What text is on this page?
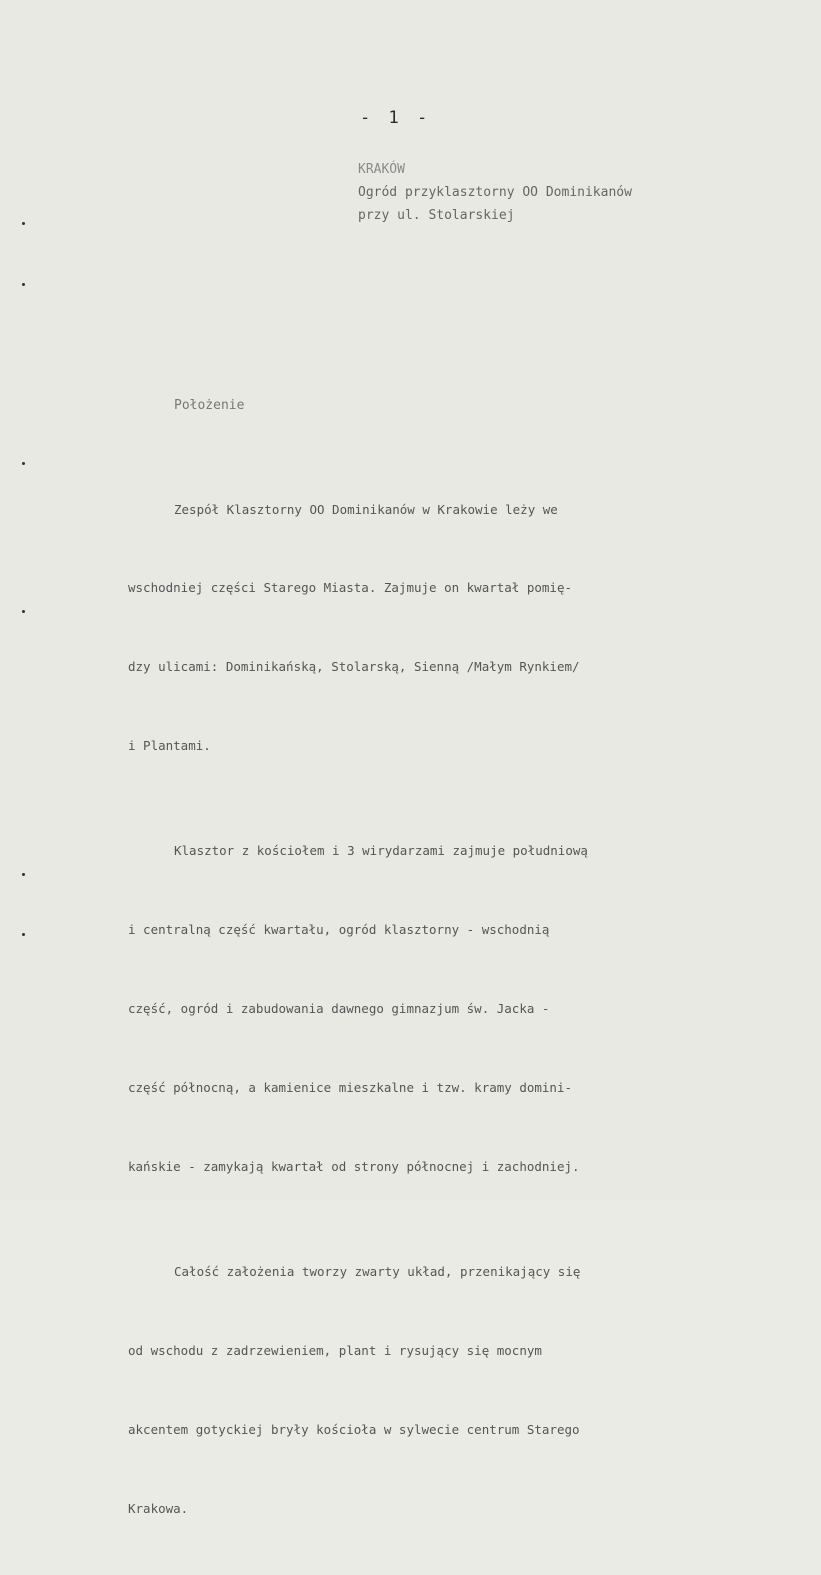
- 1 -
KRAKÓW
Ogród przyklasztorny OO Dominikanów
przy ul. Stolarskiej
Położenie

Zespół Klasztorny OO Dominikanów w Krakowie leży we

wschodniej części Starego Miasta. Zajmuje on kwartał pomię-

dzy ulicami: Dominikańską, Stolarską, Sienną /Małym Rynkiem/

i Plantami.

Klasztor z kościołem i 3 wirydarzami zajmuje południową

i centralną część kwartału, ogród klasztorny - wschodnią

część, ogród i zabudowania dawnego gimnazjum św. Jacka -

część północną, a kamienice mieszkalne i tzw. kramy domini-

kańskie - zamykają kwartał od strony północnej i zachodniej.

Całość założenia tworzy zwarty układ, przenikający się

od wschodu z zadrzewieniem, plant i rysujący się mocnym

akcentem gotyckiej bryły kościoła w sylwecie centrum Starego

Krakowa.
